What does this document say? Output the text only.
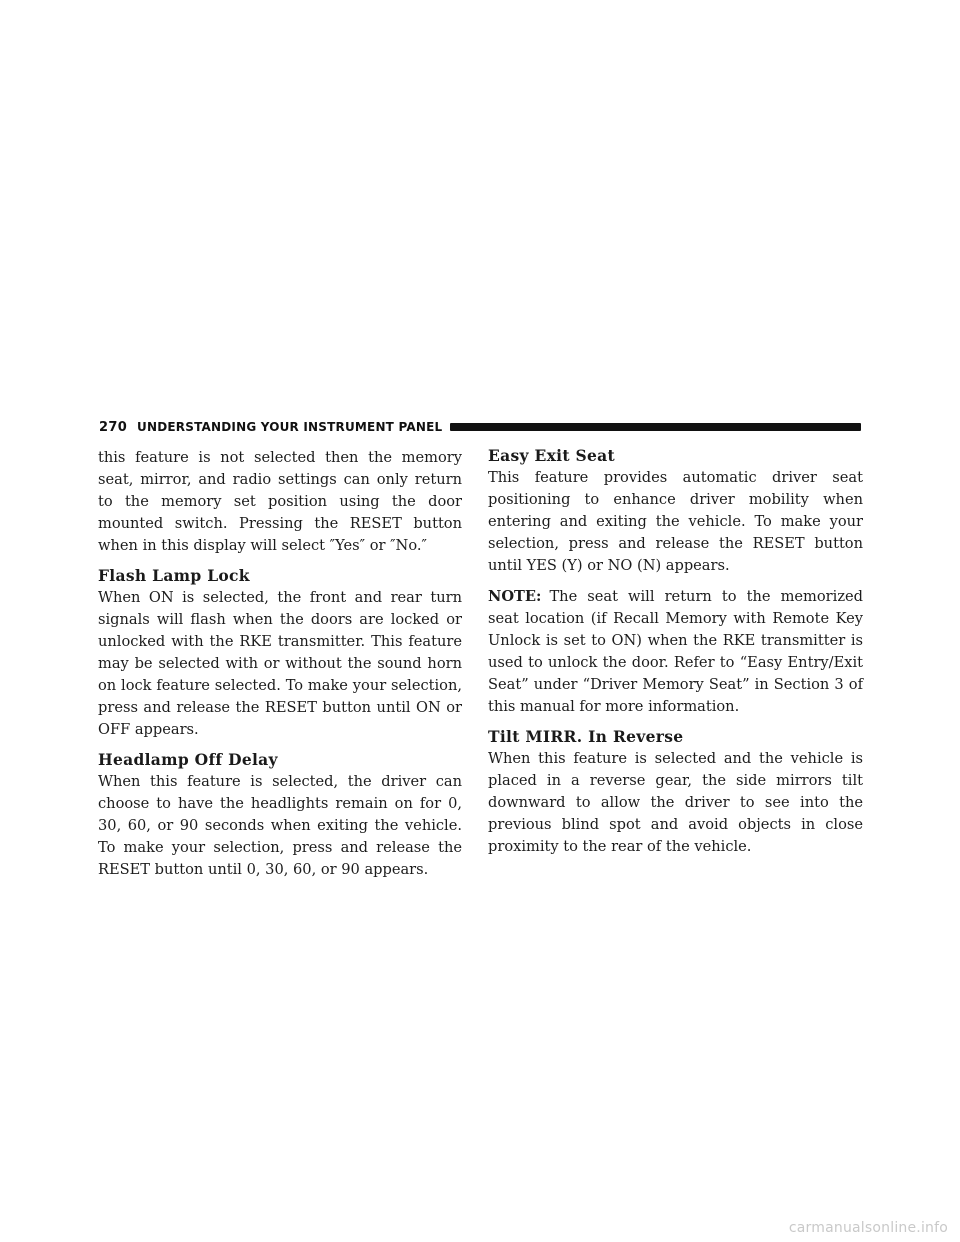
270 UNDERSTANDING YOUR INSTRUMENT PANEL

this feature is not selected then the memory seat, mirror, and radio settings can only return to the memory set position using the door mounted switch. Pressing the RESET button when in this display will select ″Yes″ or ″No.″

Flash Lamp Lock

When ON is selected, the front and rear turn signals will flash when the doors are locked or unlocked with the RKE transmitter. This feature may be selected with or without the sound horn on lock feature selected. To make your selection, press and release the RESET button until ON or OFF appears.

Headlamp Off Delay

When this feature is selected, the driver can choose to have the headlights remain on for 0, 30, 60, or 90 seconds when exiting the vehicle. To make your selection, press and release the RESET button until 0, 30, 60, or 90 appears.

Easy Exit Seat

This feature provides automatic driver seat positioning to enhance driver mobility when entering and exiting the vehicle. To make your selection, press and release the RESET button until YES (Y) or NO (N) appears.

NOTE: The seat will return to the memorized seat location (if Recall Memory with Remote Key Unlock is set to ON) when the RKE transmitter is used to unlock the door. Refer to “Easy Entry/Exit Seat” under “Driver Memory Seat” in Section 3 of this manual for more information.

Tilt MIRR. In Reverse

When this feature is selected and the vehicle is placed in a reverse gear, the side mirrors tilt downward to allow the driver to see into the previous blind spot and avoid objects in close proximity to the rear of the vehicle.

carmanualsonline.info
